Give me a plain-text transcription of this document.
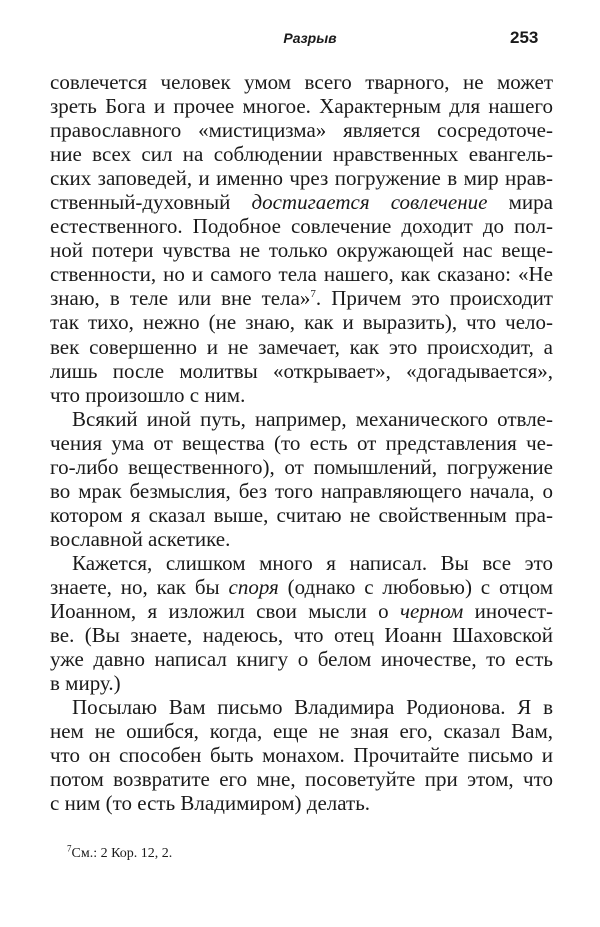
Разрыв	253
совлечется человек умом всего тварного, не может
зреть Бога и прочее многое. Характерным для нашего
православного «мистицизма» является сосредоточе-
ние всех сил на соблюдении нравственных евангель-
ских заповедей, и именно чрез погружение в мир нрав-
ственный-духовный достигается совлечение мира
естественного. Подобное совлечение доходит до пол-
ной потери чувства не только окружающей нас веще-
ственности, но и самого тела нашего, как сказано: «Не
знаю, в теле или вне тела»$^7$. Причем это происходит
так тихо, нежно (не знаю, как и выразить), что чело-
век совершенно и не замечает, как это происходит, а
лишь после молитвы «открывает», «догадывается»,
что произошло с ним.
Всякий иной путь, например, механического отвле-
чения ума от вещества (то есть от представления че-
го-либо вещественного), от помышлений, погружение
во мрак безмыслия, без того направляющего начала, о
котором я сказал выше, считаю не свойственным пра-
вославной аскетике.
Кажется, слишком много я написал. Вы все это
знаете, но, как бы споря (однако с любовью) с отцом
Иоанном, я изложил свои мысли о черном иночест-
ве. (Вы знаете, надеюсь, что отец Иоанн Шаховской
уже давно написал книгу о белом иночестве, то есть
в миру.)
Посылаю Вам письмо Владимира Родионова. Я в
нем не ошибся, когда, еще не зная его, сказал Вам,
что он способен быть монахом. Прочитайте письмо и
потом возвратите его мне, посоветуйте при этом, что
с ним (то есть Владимиром) делать.
$^7$См.: 2 Кор. 12, 2.
